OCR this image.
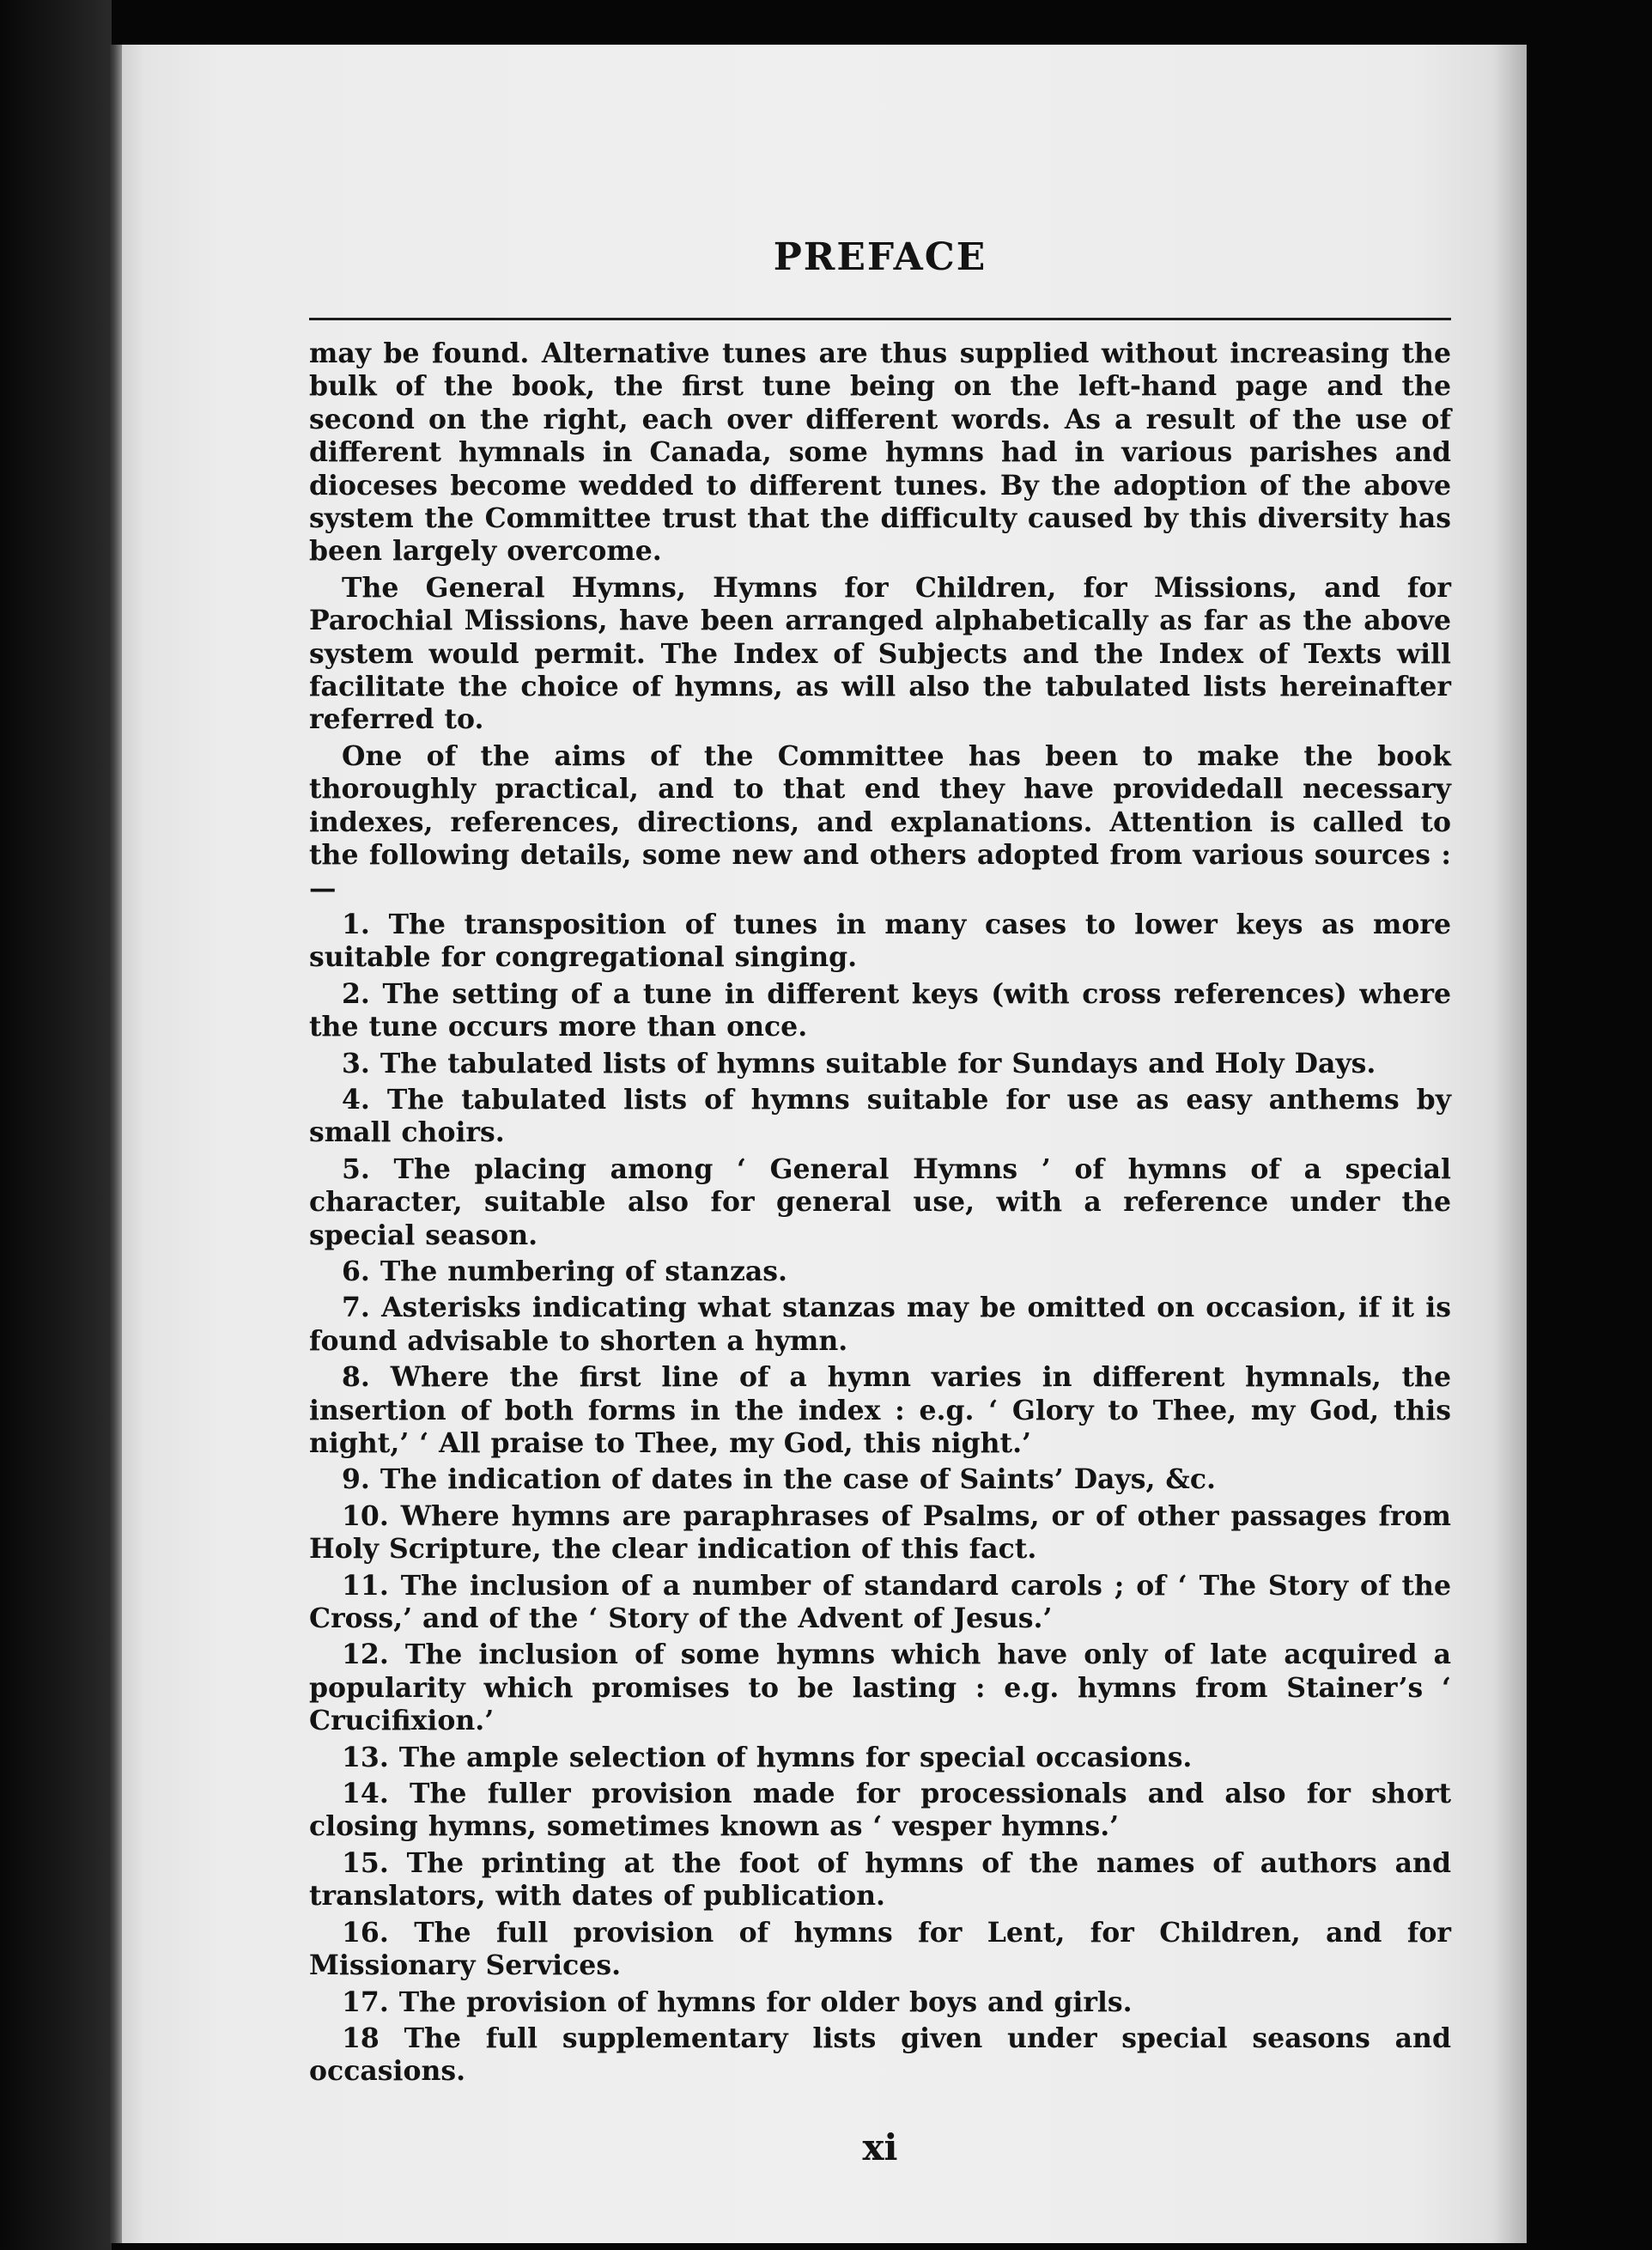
PREFACE

may be found. Alternative tunes are thus supplied without increasing the bulk of the book, the first tune being on the left-hand page and the second on the right, each over different words. As a result of the use of different hymnals in Canada, some hymns had in various parishes and dioceses become wedded to different tunes. By the adoption of the above system the Committee trust that the difficulty caused by this diversity has been largely overcome.

The General Hymns, Hymns for Children, for Missions, and for Parochial Missions, have been arranged alphabetically as far as the above system would permit. The Index of Subjects and the Index of Texts will facilitate the choice of hymns, as will also the tabulated lists hereinafter referred to.

One of the aims of the Committee has been to make the book thoroughly practical, and to that end they have providedall necessary indexes, references, directions, and explanations. Attention is called to the following details, some new and others adopted from various sources :—

1. The transposition of tunes in many cases to lower keys as more suitable for congregational singing.

2. The setting of a tune in different keys (with cross references) where the tune occurs more than once.

3. The tabulated lists of hymns suitable for Sundays and Holy Days.

4. The tabulated lists of hymns suitable for use as easy anthems by small choirs.

5. The placing among ‘ General Hymns ’ of hymns of a special character, suitable also for general use, with a reference under the special season.

6. The numbering of stanzas.

7. Asterisks indicating what stanzas may be omitted on occasion, if it is found advisable to shorten a hymn.

8. Where the first line of a hymn varies in different hymnals, the insertion of both forms in the index : e.g. ‘ Glory to Thee, my God, this night,’ ‘ All praise to Thee, my God, this night.’

9. The indication of dates in the case of Saints’ Days, &c.

10. Where hymns are paraphrases of Psalms, or of other passages from Holy Scripture, the clear indication of this fact.

11. The inclusion of a number of standard carols ; of ‘ The Story of the Cross,’ and of the ‘ Story of the Advent of Jesus.’

12. The inclusion of some hymns which have only of late acquired a popularity which promises to be lasting : e.g. hymns from Stainer’s ‘ Crucifixion.’

13. The ample selection of hymns for special occasions.

14. The fuller provision made for processionals and also for short closing hymns, sometimes known as ‘ vesper hymns.’

15. The printing at the foot of hymns of the names of authors and translators, with dates of publication.

16. The full provision of hymns for Lent, for Children, and for Missionary Services.

17. The provision of hymns for older boys and girls.

18 The full supplementary lists given under special seasons and occasions.

xi
